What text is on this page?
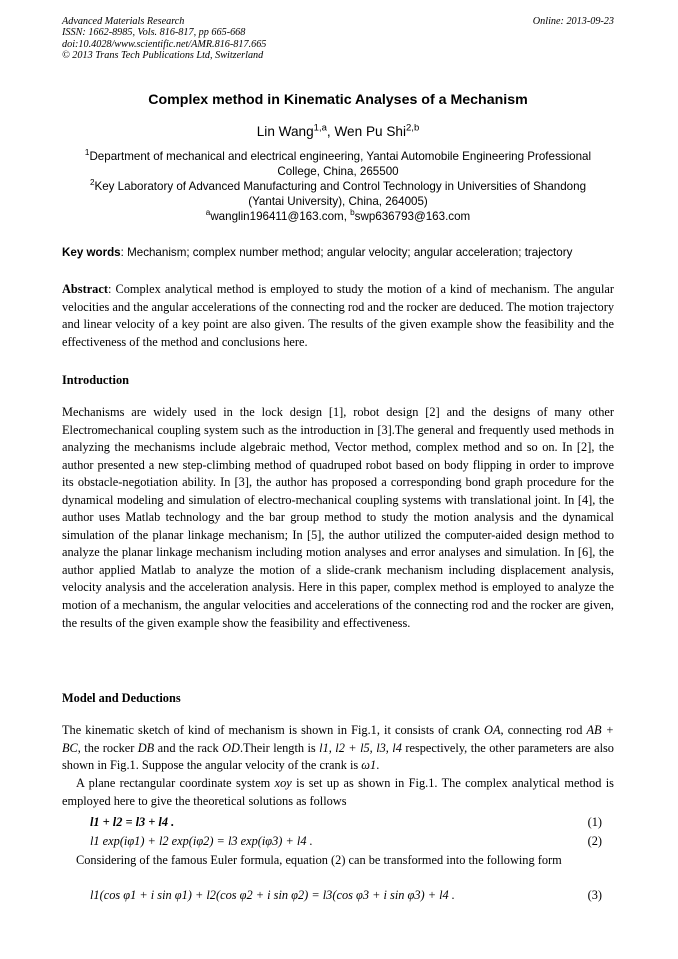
Advanced Materials Research
ISSN: 1662-8985, Vols. 816-817, pp 665-668
doi:10.4028/www.scientific.net/AMR.816-817.665
© 2013 Trans Tech Publications Ltd, Switzerland
Online: 2013-09-23
Complex method in Kinematic Analyses of a Mechanism
Lin Wang$^{1,a}$, Wen Pu Shi$^{2,b}$
$^1$Department of mechanical and electrical engineering, Yantai Automobile Engineering Professional
College, China, 265500
$^2$Key Laboratory of Advanced Manufacturing and Control Technology in Universities of Shandong
(Yantai University), China, 264005)
$^a$wanglin196411@163.com, $^b$swp636793@163.com
Key words: Mechanism; complex number method; angular velocity; angular acceleration; trajectory
Abstract: Complex analytical method is employed to study the motion of a kind of mechanism. The angular velocities and the angular accelerations of the connecting rod and the rocker are deduced. The motion trajectory and linear velocity of a key point are also given. The results of the given example show the feasibility and the effectiveness of the method and conclusions here.
Introduction
Mechanisms are widely used in the lock design [1], robot design [2] and the designs of many other Electromechanical coupling system such as the introduction in [3].The general and frequently used methods in analyzing the mechanisms include algebraic method, Vector method, complex method and so on. In [2], the author presented a new step-climbing method of quadruped robot based on body flipping in order to improve its obstacle-negotiation ability. In [3], the author has proposed a corresponding bond graph procedure for the dynamical modeling and simulation of electro-mechanical coupling systems with translational joint. In [4], the author uses Matlab technology and the bar group method to study the motion analysis and the dynamical simulation of the planar linkage mechanism; In [5], the author utilized the computer-aided design method to analyze the planar linkage mechanism including motion analyses and error analyses and simulation. In [6], the author applied Matlab to analyze the motion of a slide-crank mechanism including displacement analysis, velocity analysis and the acceleration analysis. Here in this paper, complex method is employed to analyze the motion of a mechanism, the angular velocities and accelerations of the connecting rod and the rocker are given, the results of the given example show the feasibility and effectiveness.
Model and Deductions
The kinematic sketch of kind of mechanism is shown in Fig.1, it consists of crank OA, connecting rod AB + BC, the rocker DB and the rack OD.Their length is l1, l2 + l5, l3, l4 respectively, the other parameters are also shown in Fig.1. Suppose the angular velocity of the crank is ω1.
A plane rectangular coordinate system xoy is set up as shown in Fig.1. The complex analytical method is employed here to give the theoretical solutions as follows
l1 + l2 = l3 + l4 .	(1)
l1 exp(iφ1) + l2 exp(iφ2) = l3 exp(iφ3) + l4 .	(2)
Considering of the famous Euler formula, equation (2) can be transformed into the following form
l1(cos φ1 + i sin φ1) + l2(cos φ2 + i sin φ2) = l3(cos φ3 + i sin φ3) + l4 .	(3)
